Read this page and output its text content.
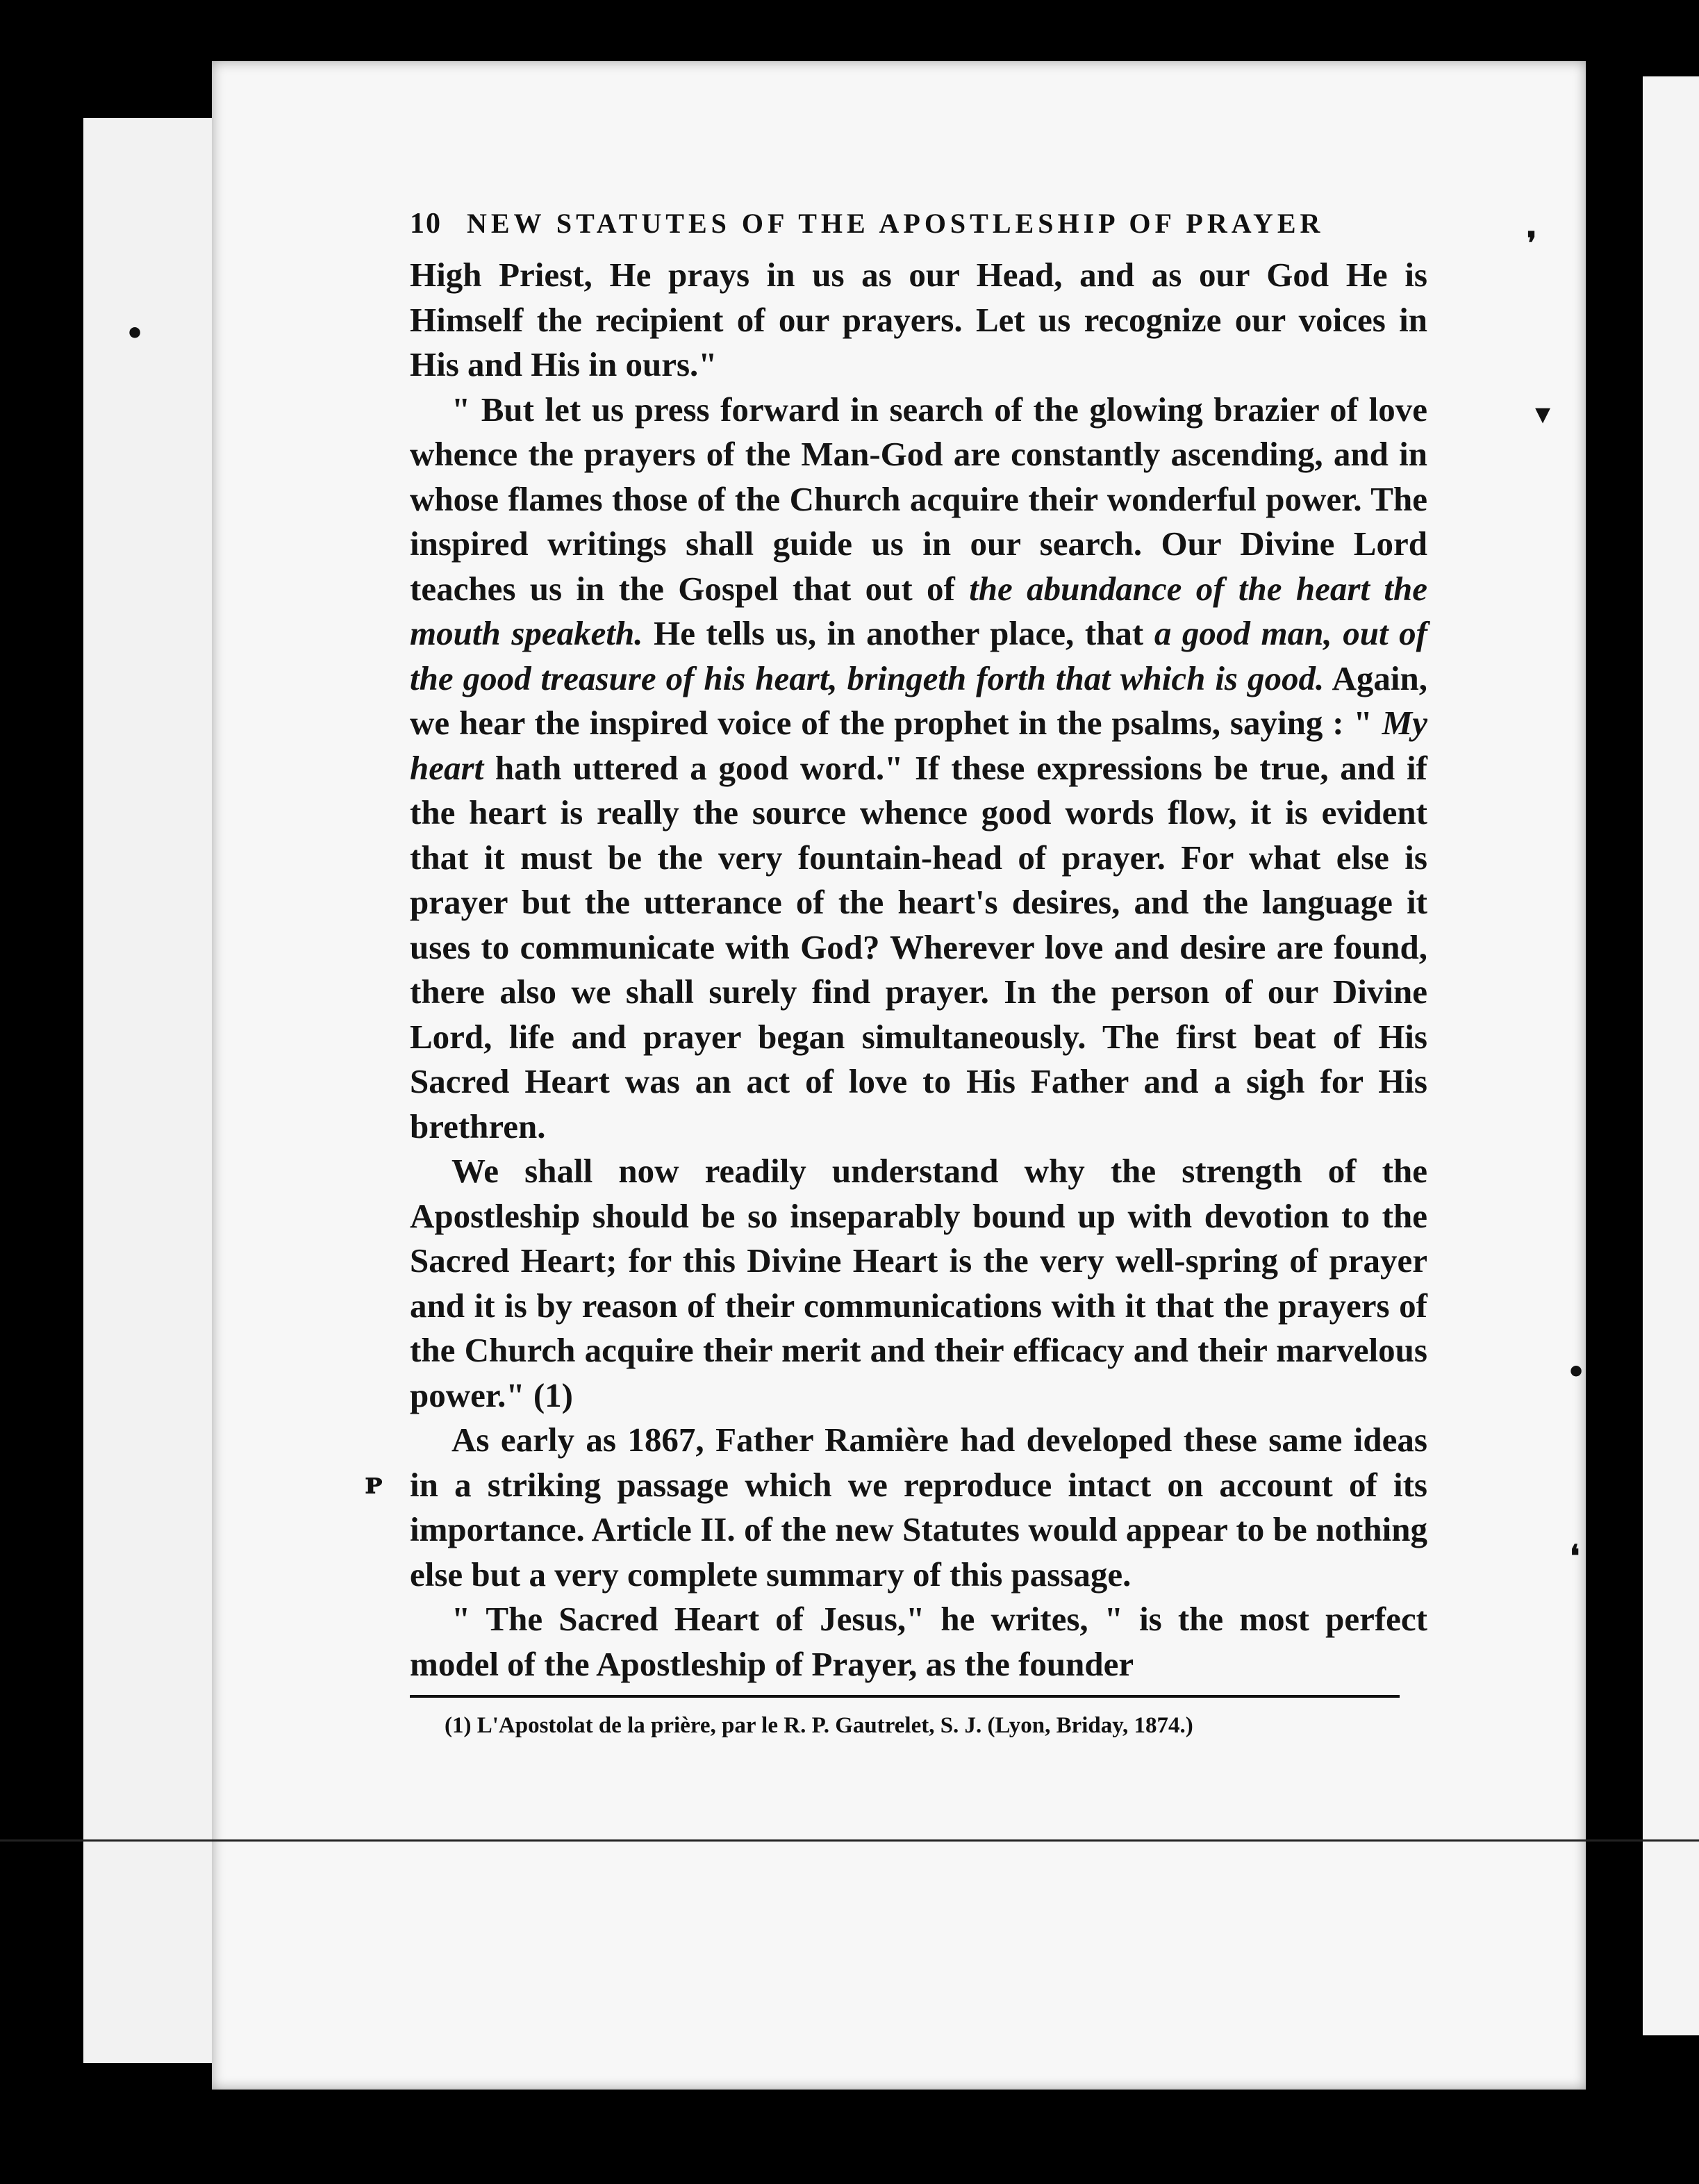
10 NEW STATUTES OF THE APOSTLESHIP OF PRAYER

High Priest, He prays in us as our Head, and as our God He is Himself the recipient of our prayers. Let us recognize our voices in His and His in ours."

" But let us press forward in search of the glowing brazier of love whence the prayers of the Man-God are constantly ascending, and in whose flames those of the Church acquire their wonderful power. The inspired writings shall guide us in our search. Our Divine Lord teaches us in the Gospel that out of the abundance of the heart the mouth speaketh. He tells us, in another place, that a good man, out of the good treasure of his heart, bringeth forth that which is good. Again, we hear the inspired voice of the prophet in the psalms, saying : " My heart hath uttered a good word." If these expressions be true, and if the heart is really the source whence good words flow, it is evident that it must be the very fountain-head of prayer. For what else is prayer but the utterance of the heart's desires, and the language it uses to communicate with God? Wherever love and desire are found, there also we shall surely find prayer. In the person of our Divine Lord, life and prayer began simultaneously. The first beat of His Sacred Heart was an act of love to His Father and a sigh for His brethren.

We shall now readily understand why the strength of the Apostleship should be so inseparably bound up with devotion to the Sacred Heart; for this Divine Heart is the very well-spring of prayer and it is by reason of their communications with it that the prayers of the Church acquire their merit and their efficacy and their marvelous power." (1)

As early as 1867, Father Ramière had developed these same ideas in a striking passage which we reproduce intact on account of its importance. Article II. of the new Statutes would appear to be nothing else but a very complete summary of this passage.

" The Sacred Heart of Jesus," he writes, " is the most perfect model of the Apostleship of Prayer, as the founder

(1) L'Apostolat de la prière, par le R. P. Gautrelet, S. J. (Lyon, Briday, 1874.)
❜
▾
•
❛
ᴘ
•
